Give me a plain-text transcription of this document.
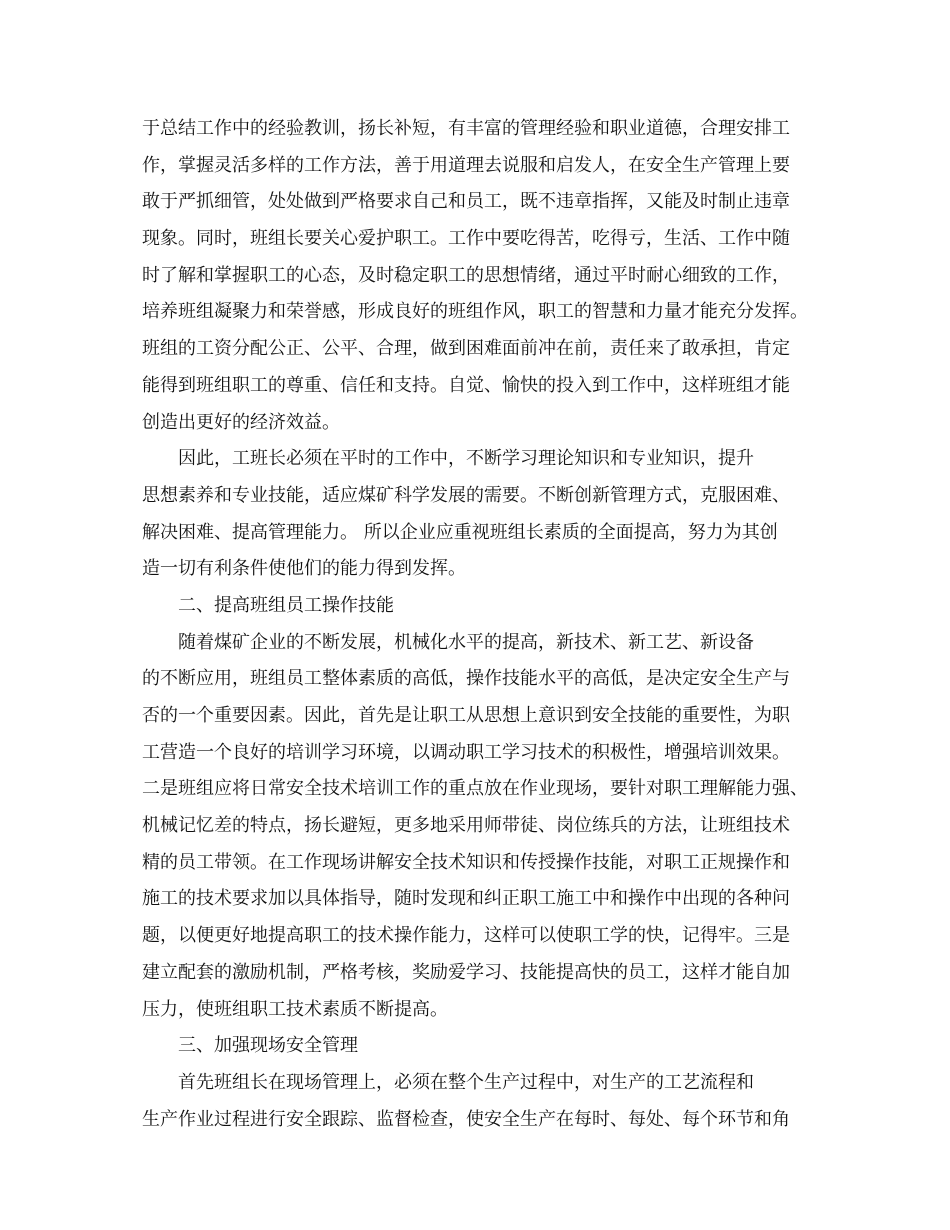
于总结工作中的经验教训，扬长补短，有丰富的管理经验和职业道德，合理安排工
作，掌握灵活多样的工作方法，善于用道理去说服和启发人，在安全生产管理上要
敢于严抓细管，处处做到严格要求自己和员工，既不违章指挥，又能及时制止违章
现象。同时，班组长要关心爱护职工。工作中要吃得苦，吃得亏，生活、工作中随
时了解和掌握职工的心态，及时稳定职工的思想情绪，通过平时耐心细致的工作，
培养班组凝聚力和荣誉感，形成良好的班组作风，职工的智慧和力量才能充分发挥。
班组的工资分配公正、公平、合理，做到困难面前冲在前，责任来了敢承担，肯定
能得到班组职工的尊重、信任和支持。自觉、愉快的投入到工作中，这样班组才能
创造出更好的经济效益。
因此，工班长必须在平时的工作中，不断学习理论知识和专业知识，提升
思想素养和专业技能，适应煤矿科学发展的需要。不断创新管理方式，克服困难、
解决困难、提高管理能力。 所以企业应重视班组长素质的全面提高，努力为其创
造一切有利条件使他们的能力得到发挥。
二、提高班组员工操作技能
随着煤矿企业的不断发展，机械化水平的提高，新技术、新工艺、新设备
的不断应用，班组员工整体素质的高低，操作技能水平的高低，是决定安全生产与
否的一个重要因素。因此，首先是让职工从思想上意识到安全技能的重要性，为职
工营造一个良好的培训学习环境，以调动职工学习技术的积极性，增强培训效果。
二是班组应将日常安全技术培训工作的重点放在作业现场，要针对职工理解能力强、
机械记忆差的特点，扬长避短，更多地采用师带徒、岗位练兵的方法，让班组技术
精的员工带领。在工作现场讲解安全技术知识和传授操作技能，对职工正规操作和
施工的技术要求加以具体指导，随时发现和纠正职工施工中和操作中出现的各种问
题，以便更好地提高职工的技术操作能力，这样可以使职工学的快，记得牢。三是
建立配套的激励机制，严格考核，奖励爱学习、技能提高快的员工，这样才能自加
压力，使班组职工技术素质不断提高。
三、加强现场安全管理
首先班组长在现场管理上，必须在整个生产过程中，对生产的工艺流程和
生产作业过程进行安全跟踪、监督检查，使安全生产在每时、每处、每个环节和角
